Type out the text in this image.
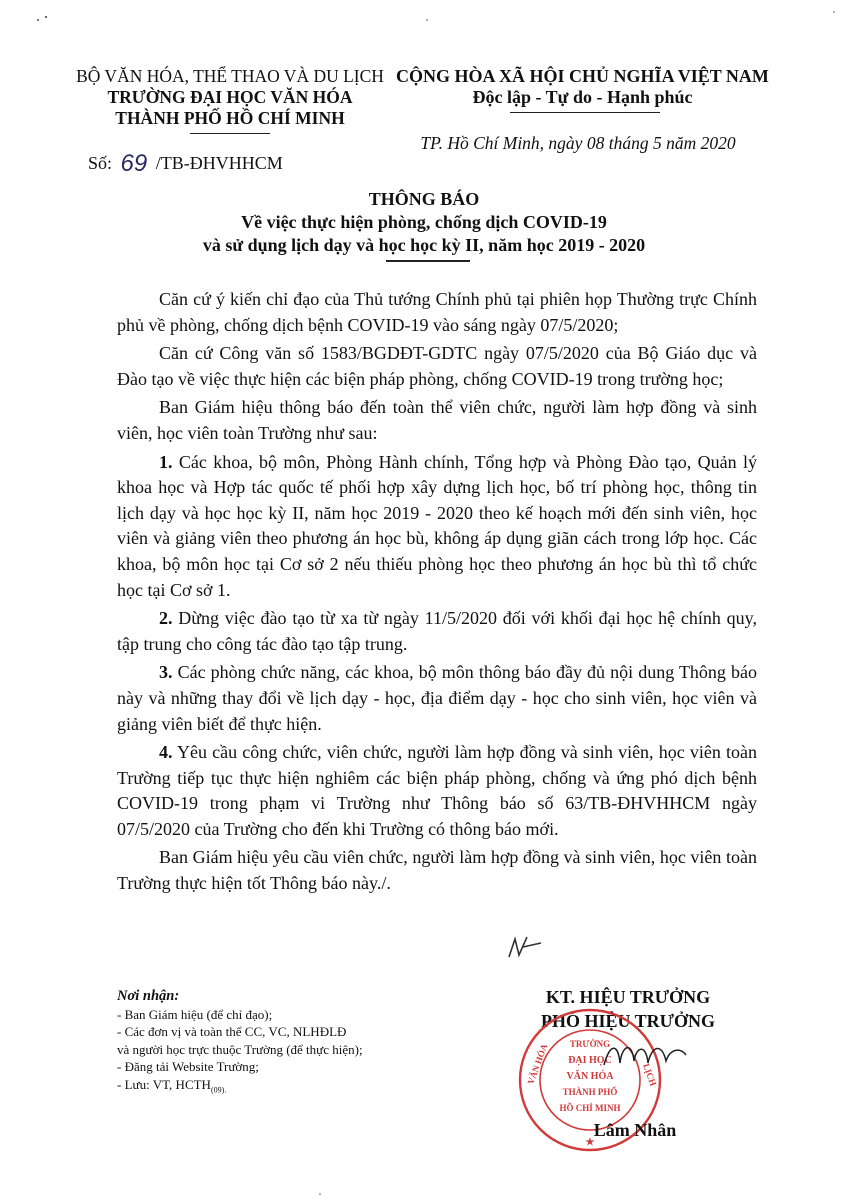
BỘ VĂN HÓA, THỂ THAO VÀ DU LỊCH
TRƯỜNG ĐẠI HỌC VĂN HÓA
THÀNH PHỐ HỒ CHÍ MINH
CỘNG HÒA XÃ HỘI CHỦ NGHĨA VIỆT NAM
Độc lập - Tự do - Hạnh phúc
Số: 69 /TB-ĐHVHHCM
TP. Hồ Chí Minh, ngày 08 tháng 5 năm 2020
THÔNG BÁO
Về việc thực hiện phòng, chống dịch COVID-19
và sử dụng lịch dạy và học học kỳ II, năm học 2019 - 2020

Căn cứ ý kiến chỉ đạo của Thủ tướng Chính phủ tại phiên họp Thường trực Chính phủ về phòng, chống dịch bệnh COVID-19 vào sáng ngày 07/5/2020;

Căn cứ Công văn số 1583/BGDĐT-GDTC ngày 07/5/2020 của Bộ Giáo dục và Đào tạo về việc thực hiện các biện pháp phòng, chống COVID-19 trong trường học;

Ban Giám hiệu thông báo đến toàn thể viên chức, người làm hợp đồng và sinh viên, học viên toàn Trường như sau:

1. Các khoa, bộ môn, Phòng Hành chính, Tổng hợp và Phòng Đào tạo, Quản lý khoa học và Hợp tác quốc tế phối hợp xây dựng lịch học, bố trí phòng học, thông tin lịch dạy và học học kỳ II, năm học 2019 - 2020 theo kế hoạch mới đến sinh viên, học viên và giảng viên theo phương án học bù, không áp dụng giãn cách trong lớp học. Các khoa, bộ môn học tại Cơ sở 2 nếu thiếu phòng học theo phương án học bù thì tổ chức học tại Cơ sở 1.

2. Dừng việc đào tạo từ xa từ ngày 11/5/2020 đối với khối đại học hệ chính quy, tập trung cho công tác đào tạo tập trung.

3. Các phòng chức năng, các khoa, bộ môn thông báo đầy đủ nội dung Thông báo này và những thay đổi về lịch dạy - học, địa điểm dạy - học cho sinh viên, học viên và giảng viên biết để thực hiện.

4. Yêu cầu công chức, viên chức, người làm hợp đồng và sinh viên, học viên toàn Trường tiếp tục thực hiện nghiêm các biện pháp phòng, chống và ứng phó dịch bệnh COVID-19 trong phạm vi Trường như Thông báo số 63/TB-ĐHVHHCM ngày 07/5/2020 của Trường cho đến khi Trường có thông báo mới.

Ban Giám hiệu yêu cầu viên chức, người làm hợp đồng và sinh viên, học viên toàn Trường thực hiện tốt Thông báo này./.

Nơi nhận:
- Ban Giám hiệu (để chỉ đạo);
- Các đơn vị và toàn thể CC, VC, NLHĐLĐ
và người học trực thuộc Trường (để thực hiện);
- Đăng tải Website Trường;
- Lưu: VT, $HCTH_{(09).}$
KT. HIỆU TRƯỞNG
PHÓ HIỆU TRƯỞNG
TRƯỜNG
ĐẠI HỌC
VĂN HÓA
THÀNH PHỐ
HỒ CHÍ MINH
VĂN HÓA	LỊCH
★
Lâm Nhân
